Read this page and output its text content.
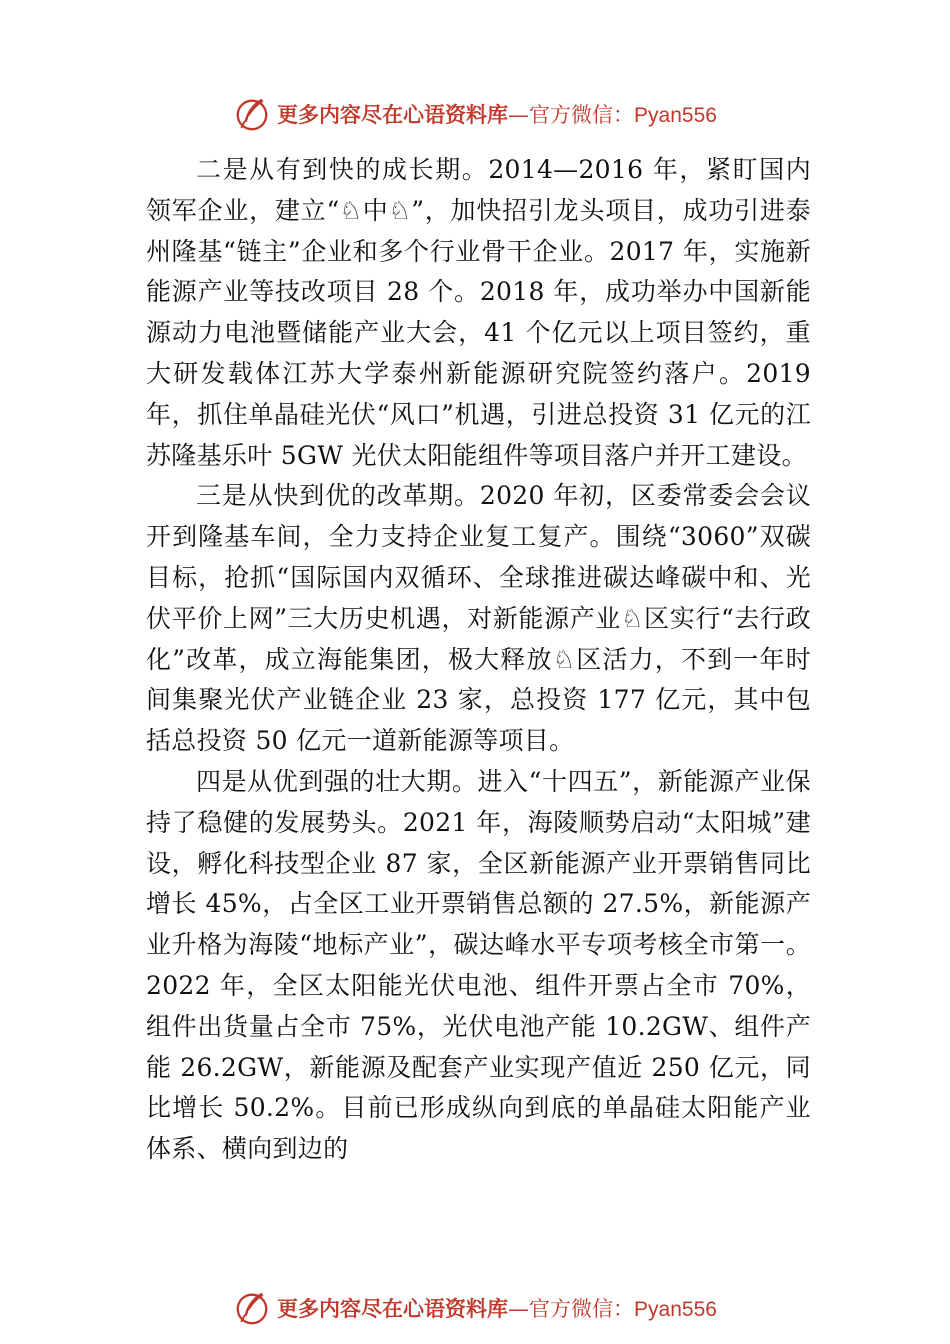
更多内容尽在心语资料库—官方微信：Pyan556

二是从有到快的成长期。2014—2016 年，紧盯国内领军企业，建立“♘中♘”，加快招引龙头项目，成功引进泰州隆基“链主”企业和多个行业骨干企业。2017 年，实施新能源产业等技改项目 28 个。2018 年，成功举办中国新能源动力电池暨储能产业大会，41 个亿元以上项目签约，重大研发载体江苏大学泰州新能源研究院签约落户。2019 年，抓住单晶硅光伏“风口”机遇，引进总投资 31 亿元的江苏隆基乐叶 5GW 光伏太阳能组件等项目落户并开工建设。

三是从快到优的改革期。2020 年初，区委常委会会议开到隆基车间，全力支持企业复工复产。围绕“3060”双碳目标，抢抓“国际国内双循环、全球推进碳达峰碳中和、光伏平价上网”三大历史机遇，对新能源产业♘区实行“去行政化”改革，成立海能集团，极大释放♘区活力，不到一年时间集聚光伏产业链企业 23 家，总投资 177 亿元，其中包括总投资 50 亿元一道新能源等项目。

四是从优到强的壮大期。进入“十四五”，新能源产业保持了稳健的发展势头。2021 年，海陵顺势启动“太阳城”建设，孵化科技型企业 87 家，全区新能源产业开票销售同比增长 45%，占全区工业开票销售总额的 27.5%，新能源产业升格为海陵“地标产业”，碳达峰水平专项考核全市第一。2022 年，全区太阳能光伏电池、组件开票占全市 70%，组件出货量占全市 75%，光伏电池产能 10.2GW、组件产能 26.2GW，新能源及配套产业实现产值近 250 亿元，同比增长 50.2%。目前已形成纵向到底的单晶硅太阳能产业体系、横向到边的

更多内容尽在心语资料库—官方微信：Pyan556
